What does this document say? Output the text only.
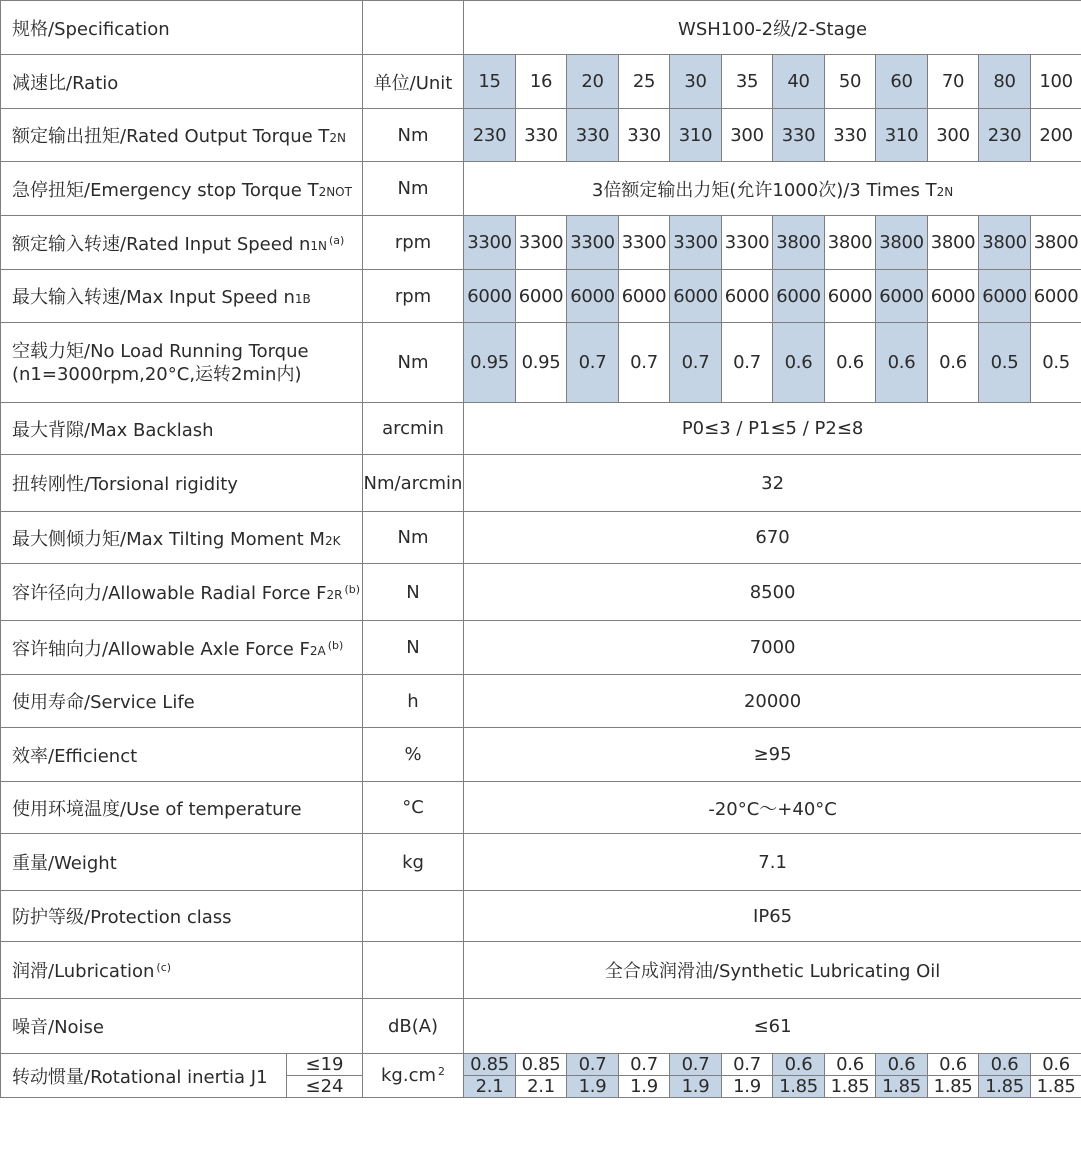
规格/Specification			WSH100-2级/2-Stage											
减速比/Ratio		单位/Unit	15	16	20	25	30	35	40	50	60	70	80	100
额定输出扭矩/Rated Output Torque T2N		Nm	230	330	330	330	310	300	330	330	310	300	230	200
急停扭矩/Emergency stop Torque T2NOT		Nm	3倍额定输出力矩(允许1000次)/3 Times T2N											
额定输入转速/Rated Input Speed n1N $^{(a)}$		rpm	3300	3300	3300	3300	3300	3300	3800	3800	3800	3800	3800	3800
最大输入转速/Max Input Speed n1B		rpm	6000	6000	6000	6000	6000	6000	6000	6000	6000	6000	6000	6000
空载力矩/No Load Running Torque
(n1=3000rpm,20°C,运转2min内)		Nm	0.95	0.95	0.7	0.7	0.7	0.7	0.6	0.6	0.6	0.6	0.5	0.5
最大背隙/Max Backlash		arcmin	P0≤3 / P1≤5 / P2≤8											
扭转刚性/Torsional rigidity		Nm/arcmin	32											
最大侧倾力矩/Max Tilting Moment M2K		Nm	670											
容许径向力/Allowable Radial Force F2R $^{(b)}$		N	8500											
容许轴向力/Allowable Axle Force F2A $^{(b)}$		N	7000											
使用寿命/Service Life		h	20000											
效率/Efficienct		%	≥95											
使用环境温度/Use of temperature		°C	-20°C～+40°C											
重量/Weight		kg	7.1											
防护等级/Protection class			IP65											
润滑/Lubrication $^{(c)}$			全合成润滑油/Synthetic Lubricating Oil											
噪音/Noise		dB(A)	≤61											
转动惯量/Rotational inertia J1	≤19	kg.cm $^2$	0.85	0.85	0.7	0.7	0.7	0.7	0.6	0.6	0.6	0.6	0.6	0.6
	≤24		2.1	2.1	1.9	1.9	1.9	1.9	1.85	1.85	1.85	1.85	1.85	1.85
